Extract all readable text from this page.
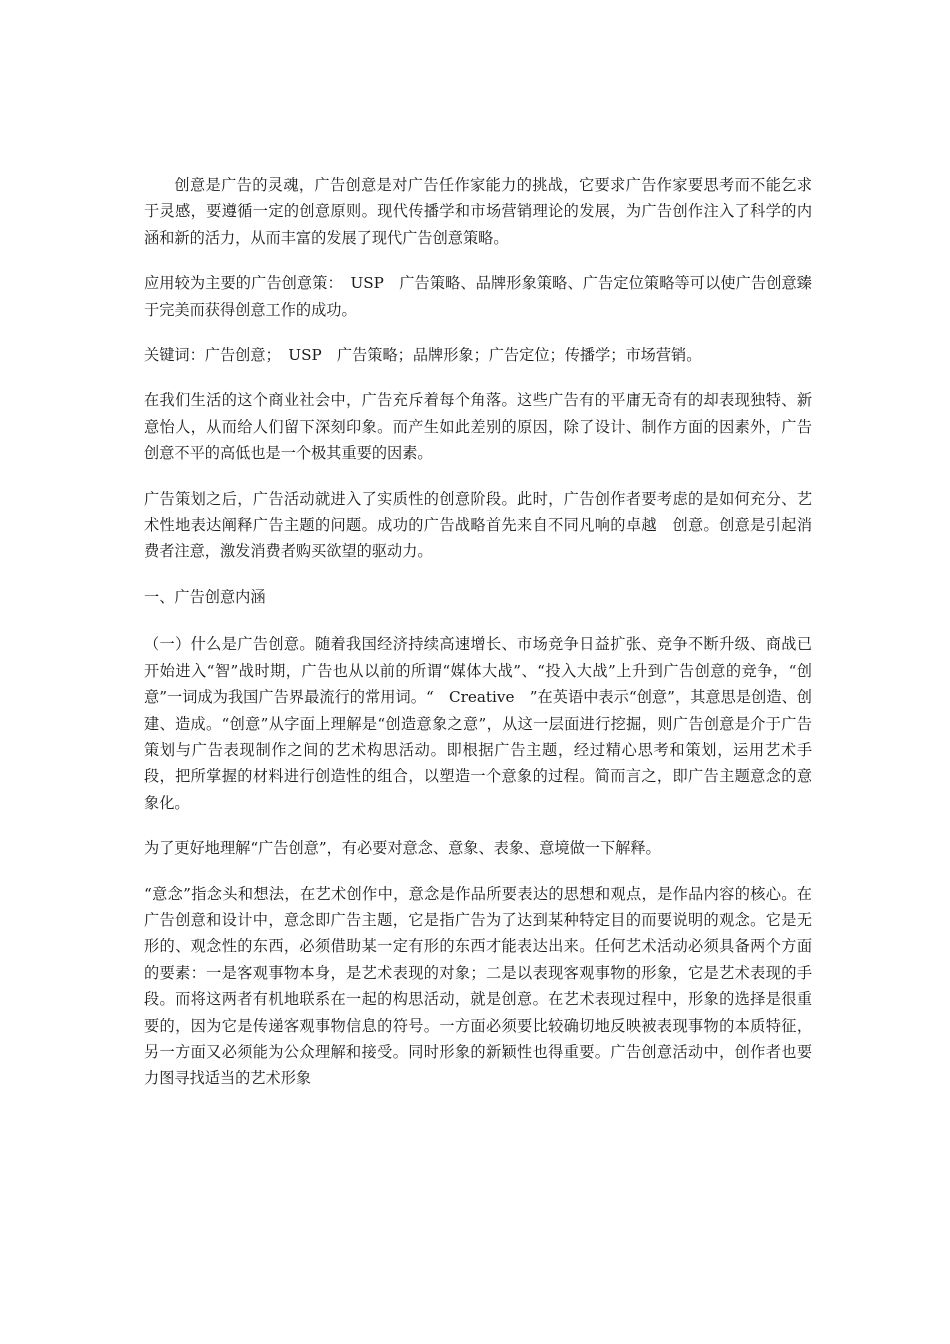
创意是广告的灵魂，广告创意是对广告任作家能力的挑战，它要求广告作家要思考而不能乞求于灵感，要遵循一定的创意原则。现代传播学和市场营销理论的发展，为广告创作注入了科学的内涵和新的活力，从而丰富的发展了现代广告创意策略。

应用较为主要的广告创意策：　USP　广告策略、品牌形象策略、广告定位策略等可以使广告创意臻于完美而获得创意工作的成功。

关键词：广告创意；　USP　广告策略；品牌形象；广告定位；传播学；市场营销。

在我们生活的这个商业社会中，广告充斥着每个角落。这些广告有的平庸无奇有的却表现独特、新意怡人，从而给人们留下深刻印象。而产生如此差别的原因，除了设计、制作方面的因素外，广告创意不平的高低也是一个极其重要的因素。

广告策划之后，广告活动就进入了实质性的创意阶段。此时，广告创作者要考虑的是如何充分、艺术性地表达阐释广告主题的问题。成功的广告战略首先来自不同凡响的卓越　创意。创意是引起消费者注意，激发消费者购买欲望的驱动力。

一、广告创意内涵

（一）什么是广告创意。随着我国经济持续高速增长、市场竞争日益扩张、竞争不断升级、商战已开始进入“智”战时期，广告也从以前的所谓“媒体大战”、“投入大战”上升到广告创意的竞争，“创意”一词成为我国广告界最流行的常用词。“　Creative　”在英语中表示“创意”，其意思是创造、创建、造成。“创意”从字面上理解是“创造意象之意”，从这一层面进行挖掘，则广告创意是介于广告策划与广告表现制作之间的艺术构思活动。即根据广告主题，经过精心思考和策划，运用艺术手段，把所掌握的材料进行创造性的组合，以塑造一个意象的过程。简而言之，即广告主题意念的意象化。

为了更好地理解“广告创意”，有必要对意念、意象、表象、意境做一下解释。

“意念”指念头和想法，在艺术创作中，意念是作品所要表达的思想和观点，是作品内容的核心。在广告创意和设计中，意念即广告主题，它是指广告为了达到某种特定目的而要说明的观念。它是无形的、观念性的东西，必须借助某一定有形的东西才能表达出来。任何艺术活动必须具备两个方面的要素：一是客观事物本身，是艺术表现的对象；二是以表现客观事物的形象，它是艺术表现的手段。而将这两者有机地联系在一起的构思活动，就是创意。在艺术表现过程中，形象的选择是很重要的，因为它是传递客观事物信息的符号。一方面必须要比较确切地反映被表现事物的本质特征，另一方面又必须能为公众理解和接受。同时形象的新颖性也得重要。广告创意活动中，创作者也要力图寻找适当的艺术形象
